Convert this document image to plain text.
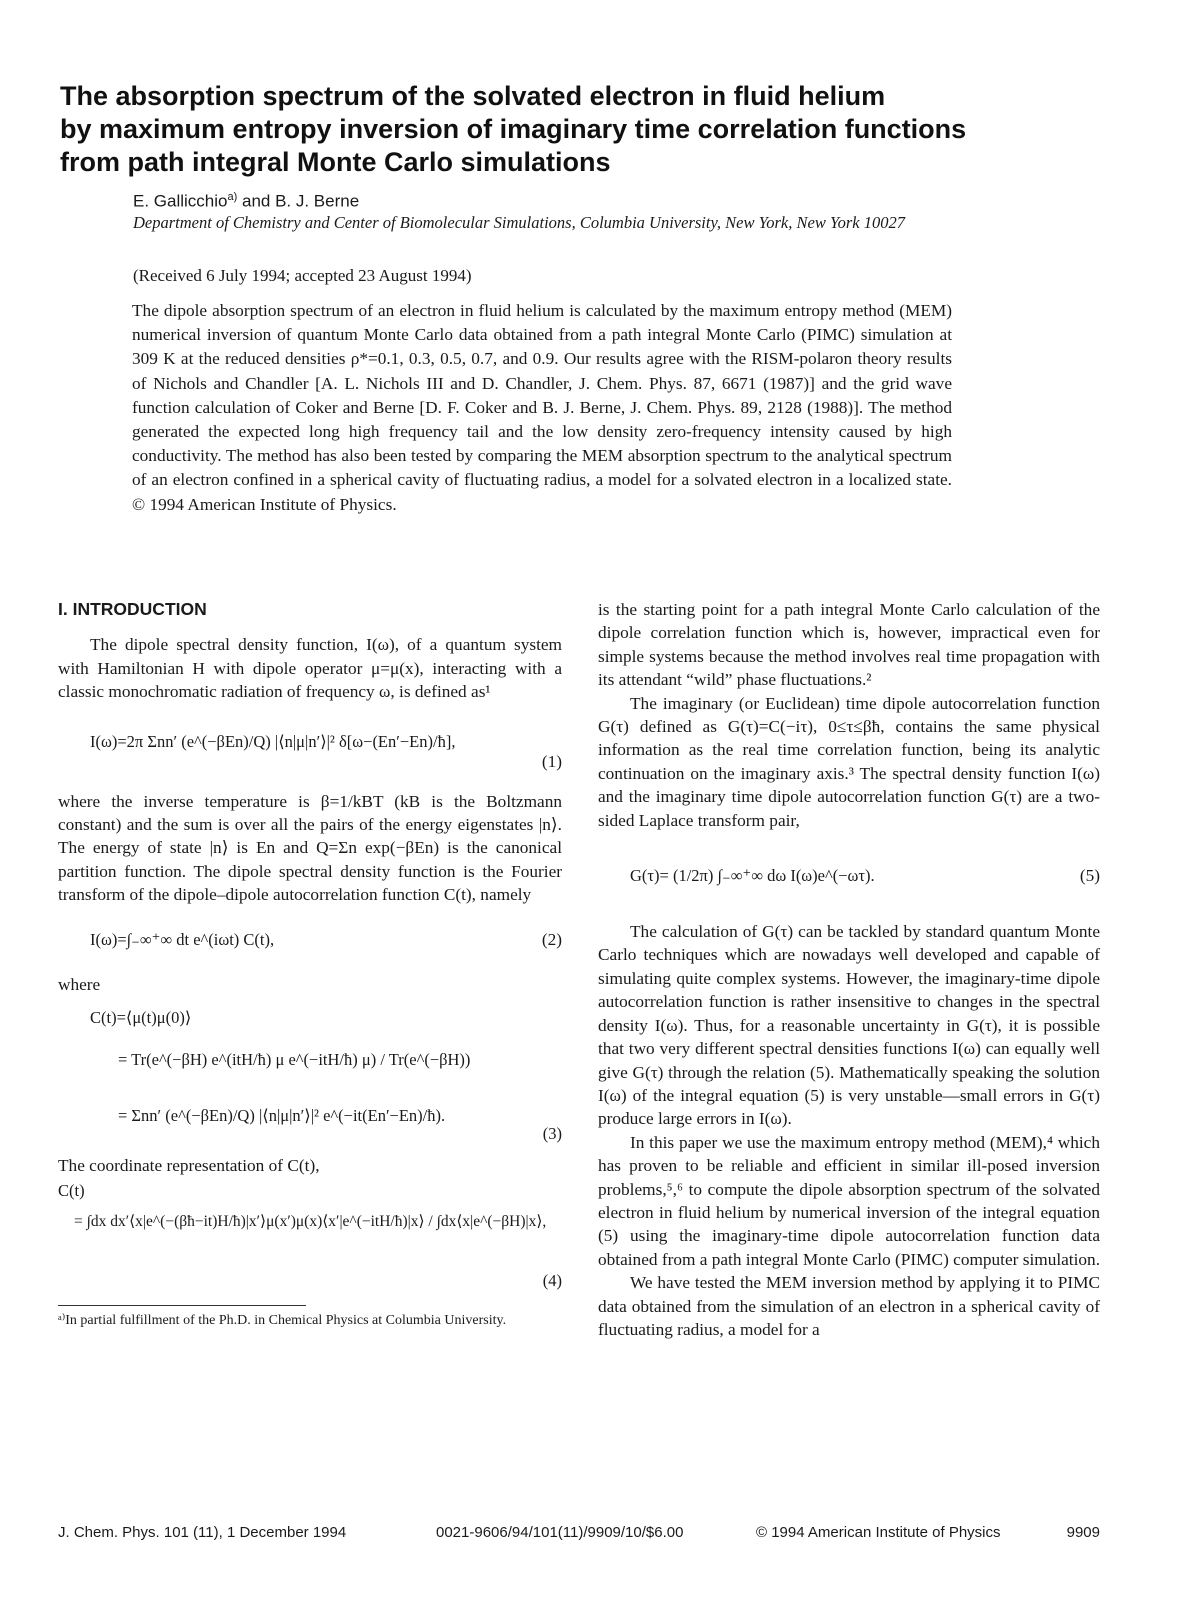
The absorption spectrum of the solvated electron in fluid helium
by maximum entropy inversion of imaginary time correlation functions
from path integral Monte Carlo simulations
E. Gallicchio$^{a)}$ and B. J. Berne
Department of Chemistry and Center of Biomolecular Simulations, Columbia University, New York, New York 10027
(Received 6 July 1994; accepted 23 August 1994)
The dipole absorption spectrum of an electron in fluid helium is calculated by the maximum entropy method (MEM) numerical inversion of quantum Monte Carlo data obtained from a path integral Monte Carlo (PIMC) simulation at 309 K at the reduced densities ρ*=0.1, 0.3, 0.5, 0.7, and 0.9. Our results agree with the RISM-polaron theory results of Nichols and Chandler [A. L. Nichols III and D. Chandler, J. Chem. Phys. 87, 6671 (1987)] and the grid wave function calculation of Coker and Berne [D. F. Coker and B. J. Berne, J. Chem. Phys. 89, 2128 (1988)]. The method generated the expected long high frequency tail and the low density zero-frequency intensity caused by high conductivity. The method has also been tested by comparing the MEM absorption spectrum to the analytical spectrum of an electron confined in a spherical cavity of fluctuating radius, a model for a solvated electron in a localized state. © 1994 American Institute of Physics.
I. INTRODUCTION

The dipole spectral density function, I(ω), of a quantum system with Hamiltonian H with dipole operator μ=μ(x), interacting with a classic monochromatic radiation of frequency ω, is defined as¹

I(ω)=2π Σnn′ (e^(−βEn)/Q) |⟨n|μ|n′⟩|² δ[ω−(En′−En)/ħ],
(1)

where the inverse temperature is β=1/kBT (kB is the Boltzmann constant) and the sum is over all the pairs of the energy eigenstates |n⟩. The energy of state |n⟩ is En and Q=Σn exp(−βEn) is the canonical partition function. The dipole spectral density function is the Fourier transform of the dipole–dipole autocorrelation function C(t), namely

I(ω)=∫₋∞⁺∞ dt e^(iωt) C(t),	(2)

where

C(t)=⟨μ(t)μ(0)⟩
= Tr(e^(−βH) e^(itH/ħ) μ e^(−itH/ħ) μ) / Tr(e^(−βH))
= Σnn′ (e^(−βEn)/Q) |⟨n|μ|n′⟩|² e^(−it(En′−En)/ħ).
(3)

The coordinate representation of C(t),

C(t)
= ∫dx dx′⟨x|e^(−(βħ−it)H/ħ)|x′⟩μ(x′)μ(x)⟨x′|e^(−itH/ħ)|x⟩ / ∫dx⟨x|e^(−βH)|x⟩,
(4)
ᵃ⁾In partial fulfillment of the Ph.D. in Chemical Physics at Columbia University.

is the starting point for a path integral Monte Carlo calculation of the dipole correlation function which is, however, impractical even for simple systems because the method involves real time propagation with its attendant “wild” phase fluctuations.²

The imaginary (or Euclidean) time dipole autocorrelation function G(τ) defined as G(τ)=C(−iτ), 0≤τ≤βħ, contains the same physical information as the real time correlation function, being its analytic continuation on the imaginary axis.³ The spectral density function I(ω) and the imaginary time dipole autocorrelation function G(τ) are a two-sided Laplace transform pair,

G(τ)= (1/2π) ∫₋∞⁺∞ dω I(ω)e^(−ωτ).	(5)

The calculation of G(τ) can be tackled by standard quantum Monte Carlo techniques which are nowadays well developed and capable of simulating quite complex systems. However, the imaginary-time dipole autocorrelation function is rather insensitive to changes in the spectral density I(ω). Thus, for a reasonable uncertainty in G(τ), it is possible that two very different spectral densities functions I(ω) can equally well give G(τ) through the relation (5). Mathematically speaking the solution I(ω) of the integral equation (5) is very unstable—small errors in G(τ) produce large errors in I(ω).

In this paper we use the maximum entropy method (MEM),⁴ which has proven to be reliable and efficient in similar ill-posed inversion problems,⁵,⁶ to compute the dipole absorption spectrum of the solvated electron in fluid helium by numerical inversion of the integral equation (5) using the imaginary-time dipole autocorrelation function data obtained from a path integral Monte Carlo (PIMC) computer simulation.

We have tested the MEM inversion method by applying it to PIMC data obtained from the simulation of an electron in a spherical cavity of fluctuating radius, a model for a

J. Chem. Phys. 101 (11), 1 December 1994	0021-9606/94/101(11)/9909/10/$6.00	© 1994 American Institute of Physics	9909
